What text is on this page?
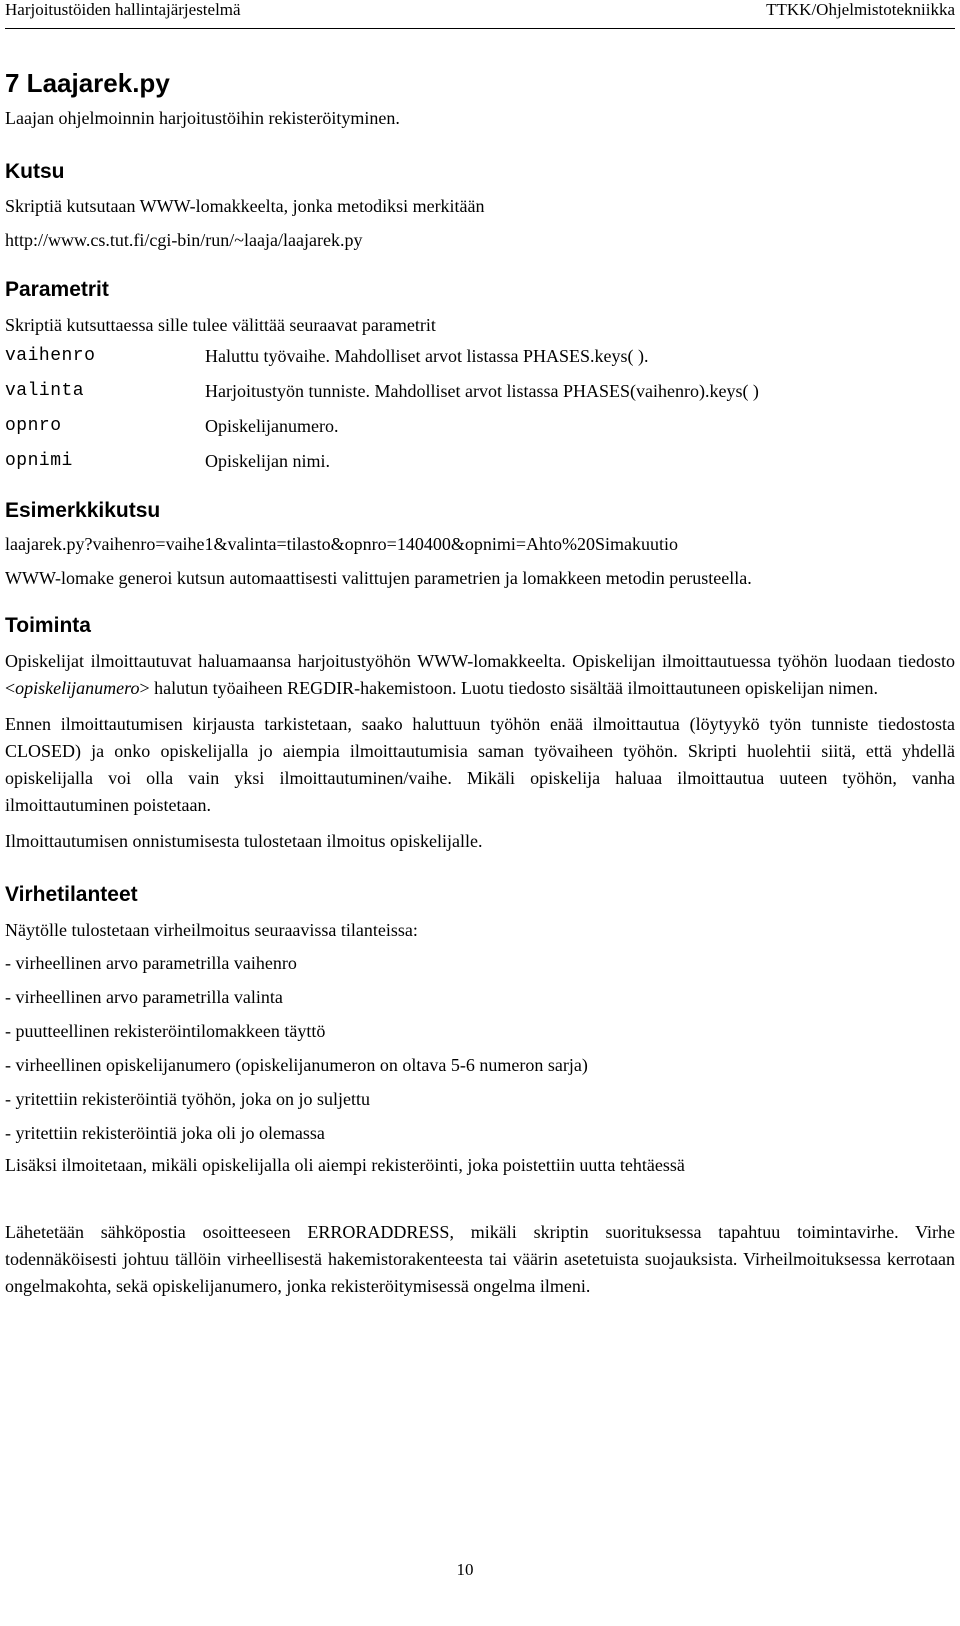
Harjoitustöiden hallintajärjestelmä	TTKK/Ohjelmistotekniikka
7 Laajarek.py

Laajan ohjelmoinnin harjoitustöihin rekisteröityminen.

Kutsu

Skriptiä kutsutaan WWW-lomakkeelta, jonka metodiksi merkitään

http://www.cs.tut.fi/cgi-bin/run/~laaja/laajarek.py

Parametrit

Skriptiä kutsuttaessa sille tulee välittää seuraavat parametrit

vaihenro	Haluttu työvaihe. Mahdolliset arvot listassa PHASES.keys( ).
valinta	Harjoitustyön tunniste. Mahdolliset arvot listassa PHASES(vaihenro).keys( )
opnro	Opiskelijanumero.
opnimi	Opiskelijan nimi.
Esimerkkikutsu

laajarek.py?vaihenro=vaihe1&valinta=tilasto&opnro=140400&opnimi=Ahto%20Simakuutio

WWW-lomake generoi kutsun automaattisesti valittujen parametrien ja lomakkeen metodin perusteella.

Toiminta

Opiskelijat ilmoittautuvat haluamaansa harjoitustyöhön WWW-lomakkeelta. Opiskelijan ilmoittautuessa työhön luodaan tiedosto <opiskelijanumero> halutun työaiheen REGDIR-hakemistoon. Luotu tiedosto sisältää ilmoittautuneen opiskelijan nimen.

Ennen ilmoittautumisen kirjausta tarkistetaan, saako haluttuun työhön enää ilmoittautua (löytyykö työn tunniste tiedostosta CLOSED) ja onko opiskelijalla jo aiempia ilmoittautumisia saman työvaiheen työhön. Skripti huolehtii siitä, että yhdellä opiskelijalla voi olla vain yksi ilmoittautuminen/vaihe. Mikäli opiskelija haluaa ilmoittautua uuteen työhön, vanha ilmoittautuminen poistetaan.

Ilmoittautumisen onnistumisesta tulostetaan ilmoitus opiskelijalle.

Virhetilanteet

Näytölle tulostetaan virheilmoitus seuraavissa tilanteissa:

- virheellinen arvo parametrilla vaihenro

- virheellinen arvo parametrilla valinta

- puutteellinen rekisteröintilomakkeen täyttö

- virheellinen opiskelijanumero (opiskelijanumeron on oltava 5-6 numeron sarja)

- yritettiin rekisteröintiä työhön, joka on jo suljettu

- yritettiin rekisteröintiä joka oli jo olemassa

Lisäksi ilmoitetaan, mikäli opiskelijalla oli aiempi rekisteröinti, joka poistettiin uutta tehtäessä

Lähetetään sähköpostia osoitteeseen ERRORADDRESS, mikäli skriptin suorituksessa tapahtuu toimintavirhe. Virhe todennäköisesti johtuu tällöin virheellisestä hakemistorakenteesta tai väärin asetetuista suojauksista. Virheilmoituksessa kerrotaan ongelmakohta, sekä opiskelijanumero, jonka rekisteröitymisessä ongelma ilmeni.

10
